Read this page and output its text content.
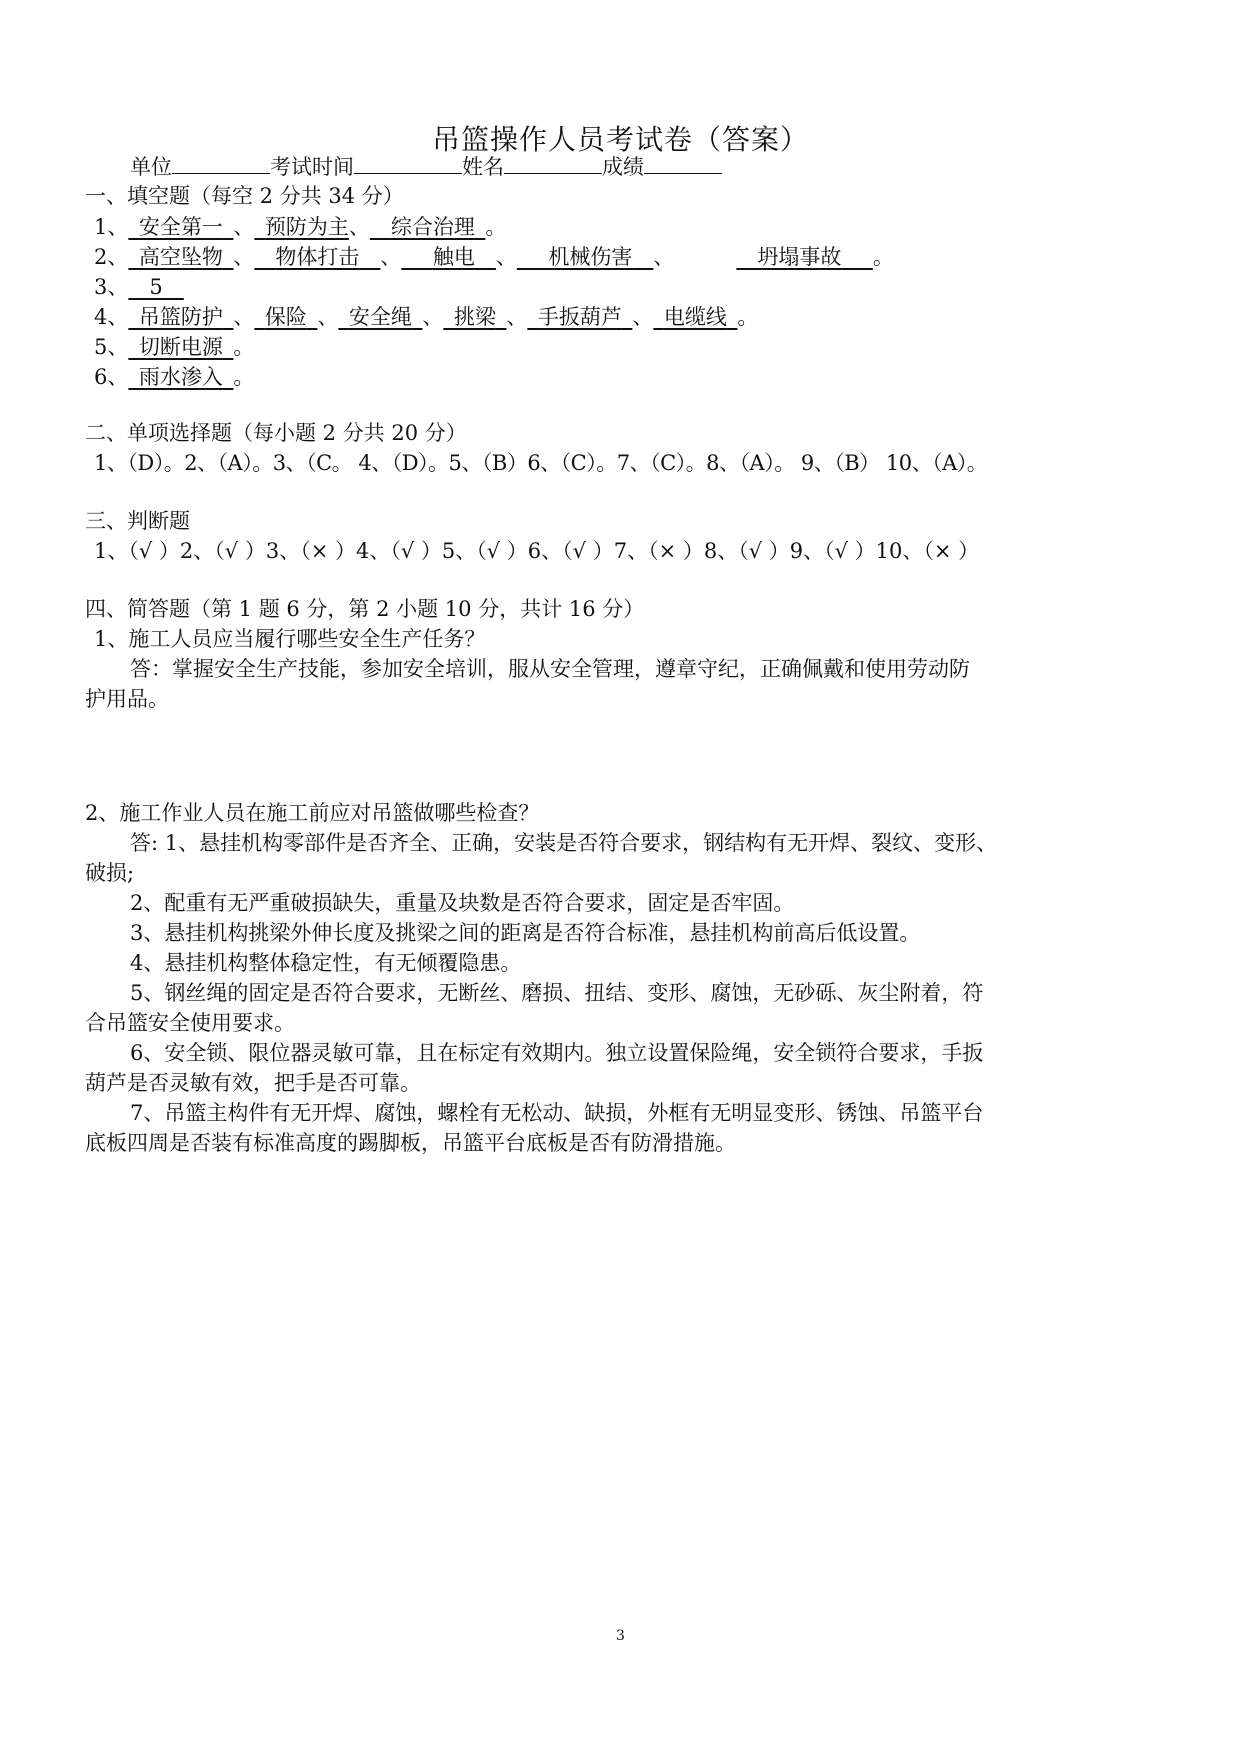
吊篮操作人员考试卷（答案）
单位	考试时间	姓名	成绩
一、填空题（每空 2 分共 34 分）
1、_安全第一_、_预防为主、__综合治理_。
2、_高空坠物_、__物体打击__、___触电__、___机械伤害__、	__坍塌事故___。
3、__5__
4、_吊篮防护_、_保险_、_安全绳_、_挑梁_、_手扳葫芦_、_电缆线_。
5、_切断电源_。
6、_雨水渗入_。
二、单项选择题（每小题 2 分共 20 分）
1、（D）。2、（A）。3、（C。 4、（D）。5、（B）6、（C）。7、（C）。8、（A）。 9、（B） 10、（A）。
三、判断题
1、（√ ）2、（√ ）3、（× ）4、（√ ）5、（√ ）6、（√ ）7、（× ）8、（√ ）9、（√ ）10、（× ）
四、简答题（第 1 题 6 分，第 2 小题 10 分，共计 16 分）
1、施工人员应当履行哪些安全生产任务？
答：掌握安全生产技能，参加安全培训，服从安全管理，遵章守纪，正确佩戴和使用劳动防
护用品。
2、施工作业人员在施工前应对吊篮做哪些检查？
答: 1、悬挂机构零部件是否齐全、正确，安装是否符合要求，钢结构有无开焊、裂纹、变形、
破损;
2、配重有无严重破损缺失，重量及块数是否符合要求，固定是否牢固。
3、悬挂机构挑梁外伸长度及挑梁之间的距离是否符合标准，悬挂机构前高后低设置。
4、悬挂机构整体稳定性，有无倾覆隐患。
5、钢丝绳的固定是否符合要求，无断丝、磨损、扭结、变形、腐蚀，无砂砾、灰尘附着，符
合吊篮安全使用要求。
6、安全锁、限位器灵敏可靠，且在标定有效期内。独立设置保险绳，安全锁符合要求，手扳
葫芦是否灵敏有效，把手是否可靠。
7、吊篮主构件有无开焊、腐蚀，螺栓有无松动、缺损，外框有无明显变形、锈蚀、吊篮平台
底板四周是否装有标准高度的踢脚板，吊篮平台底板是否有防滑措施。
3
